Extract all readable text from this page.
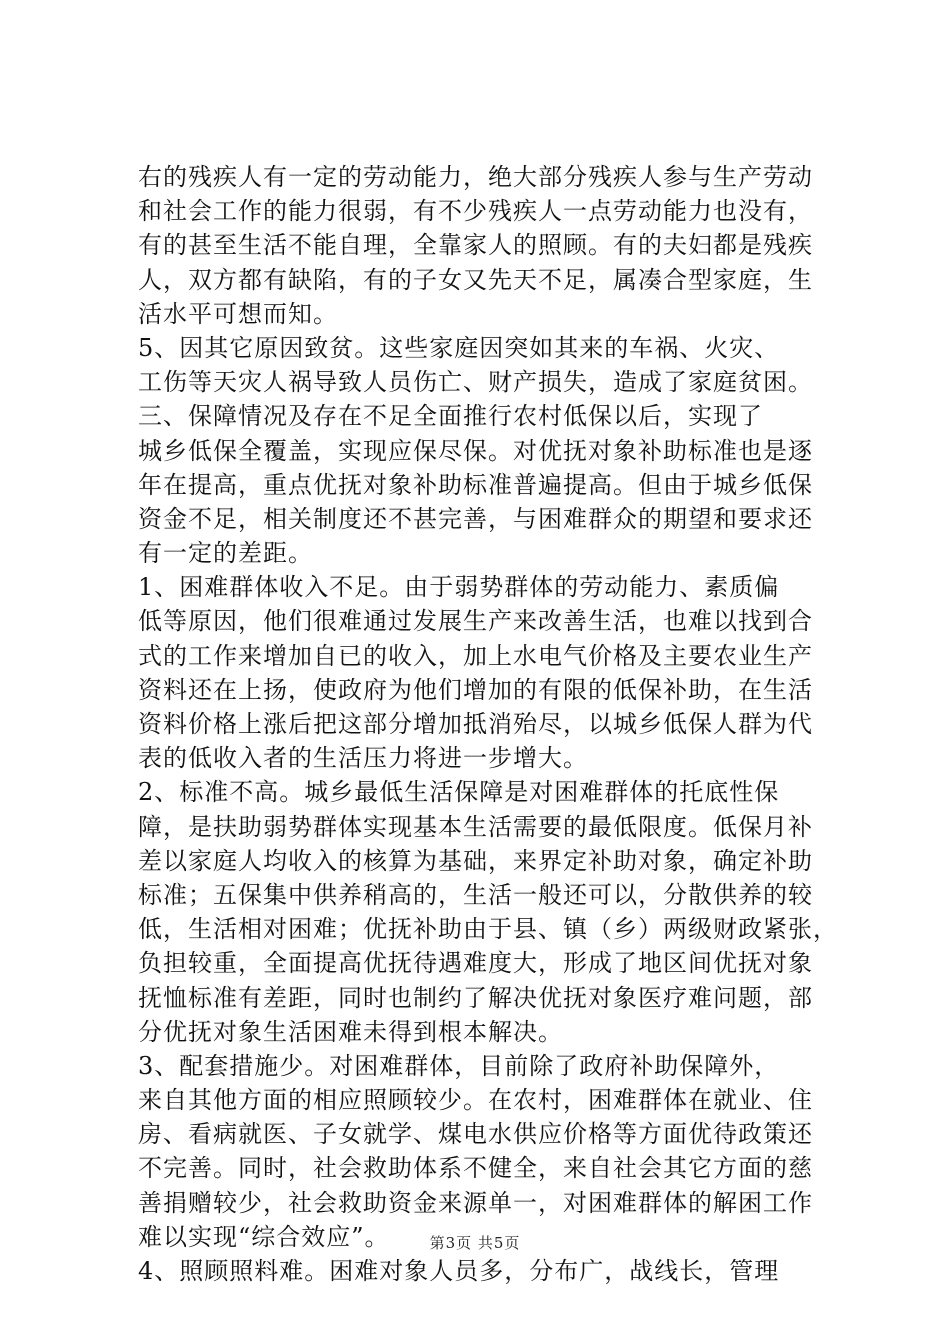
右的残疾人有一定的劳动能力，绝大部分残疾人参与生产劳动
和社会工作的能力很弱，有不少残疾人一点劳动能力也没有，
有的甚至生活不能自理，全靠家人的照顾。有的夫妇都是残疾
人，双方都有缺陷，有的子女又先天不足，属凑合型家庭，生
活水平可想而知。
5、因其它原因致贫。这些家庭因突如其来的车祸、火灾、
工伤等天灾人祸导致人员伤亡、财产损失，造成了家庭贫困。
三、保障情况及存在不足全面推行农村低保以后，实现了
城乡低保全覆盖，实现应保尽保。对优抚对象补助标准也是逐
年在提高，重点优抚对象补助标准普遍提高。但由于城乡低保
资金不足，相关制度还不甚完善，与困难群众的期望和要求还
有一定的差距。
1、困难群体收入不足。由于弱势群体的劳动能力、素质偏
低等原因，他们很难通过发展生产来改善生活，也难以找到合
式的工作来增加自已的收入，加上水电气价格及主要农业生产
资料还在上扬，使政府为他们增加的有限的低保补助，在生活
资料价格上涨后把这部分增加抵消殆尽，以城乡低保人群为代
表的低收入者的生活压力将进一步增大。
2、标准不高。城乡最低生活保障是对困难群体的托底性保
障，是扶助弱势群体实现基本生活需要的最低限度。低保月补
差以家庭人均收入的核算为基础，来界定补助对象，确定补助
标准；五保集中供养稍高的，生活一般还可以，分散供养的较
低，生活相对困难；优抚补助由于县、镇（乡）两级财政紧张，
负担较重，全面提高优抚待遇难度大，形成了地区间优抚对象
抚恤标准有差距，同时也制约了解决优抚对象医疗难问题，部
分优抚对象生活困难未得到根本解决。
3、配套措施少。对困难群体，目前除了政府补助保障外，
来自其他方面的相应照顾较少。在农村，困难群体在就业、住
房、看病就医、子女就学、煤电水供应价格等方面优待政策还
不完善。同时，社会救助体系不健全，来自社会其它方面的慈
善捐赠较少，社会救助资金来源单一，对困难群体的解困工作
难以实现“综合效应”。
4、照顾照料难。困难对象人员多，分布广，战线长，管理
第3页 共5页
